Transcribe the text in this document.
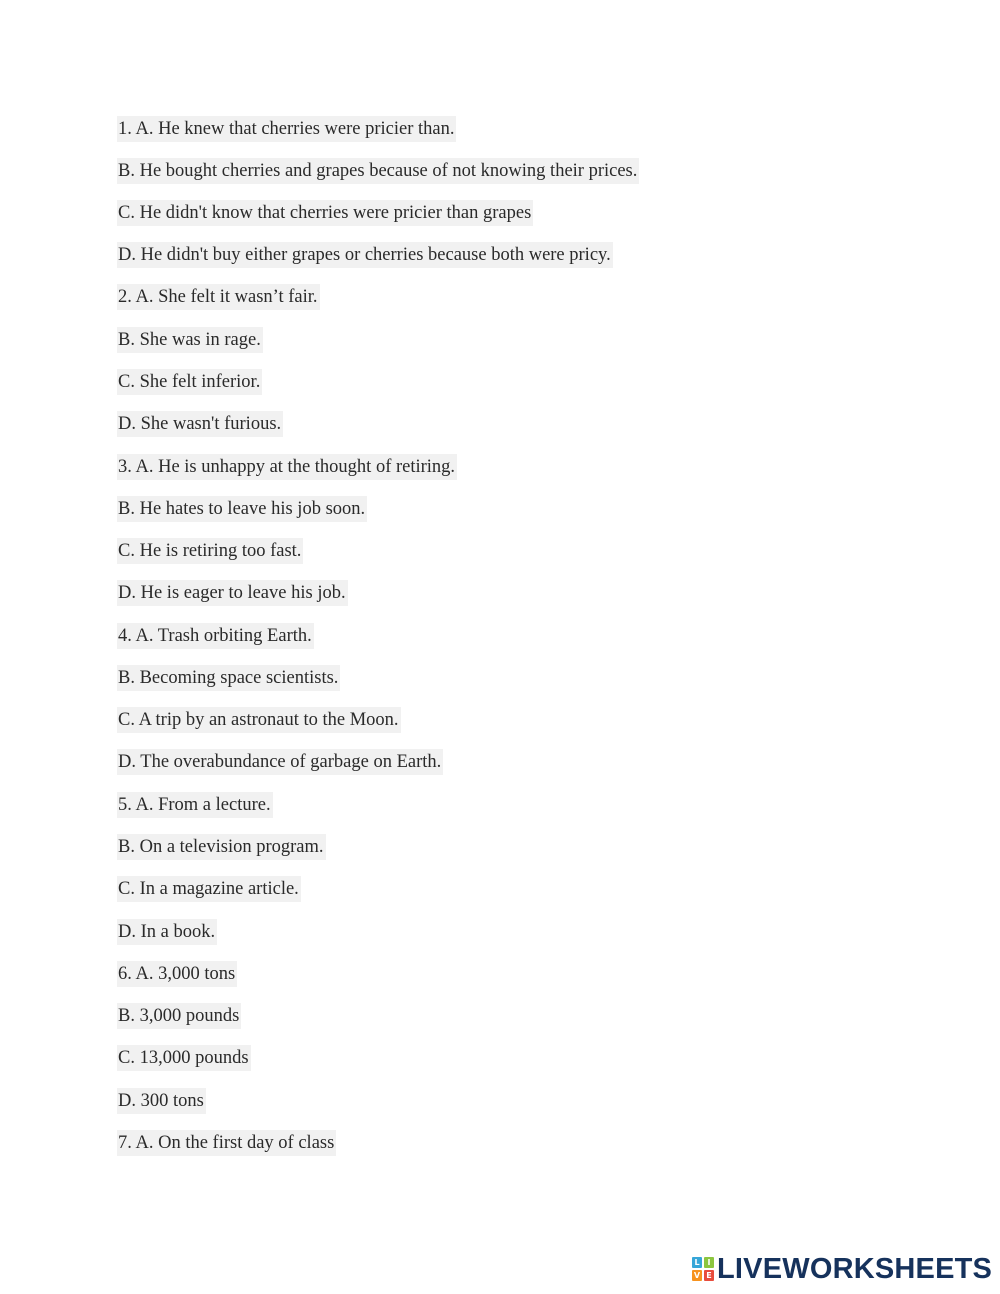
1. A. He knew that cherries were pricier than.
B. He bought cherries and grapes because of not knowing their prices.
C. He didn't know that cherries were pricier than grapes
D. He didn't buy either grapes or cherries because both were pricy.
2. A. She felt it wasn’t fair.
B. She was in rage.
C. She felt inferior.
D. She wasn't furious.
3. A. He is unhappy at the thought of retiring.
B. He hates to leave his job soon.
C. He is retiring too fast.
D. He is eager to leave his job.
4. A. Trash orbiting Earth.
B. Becoming space scientists.
C. A trip by an astronaut to the Moon.
D. The overabundance of garbage on Earth.
5. A. From a lecture.
B. On a television program.
C. In a magazine article.
D. In a book.
6. A. 3,000 tons
B. 3,000 pounds
C. 13,000 pounds
D. 300 tons
7. A. On the first day of class
L I
V E LIVEWORKSHEETS
